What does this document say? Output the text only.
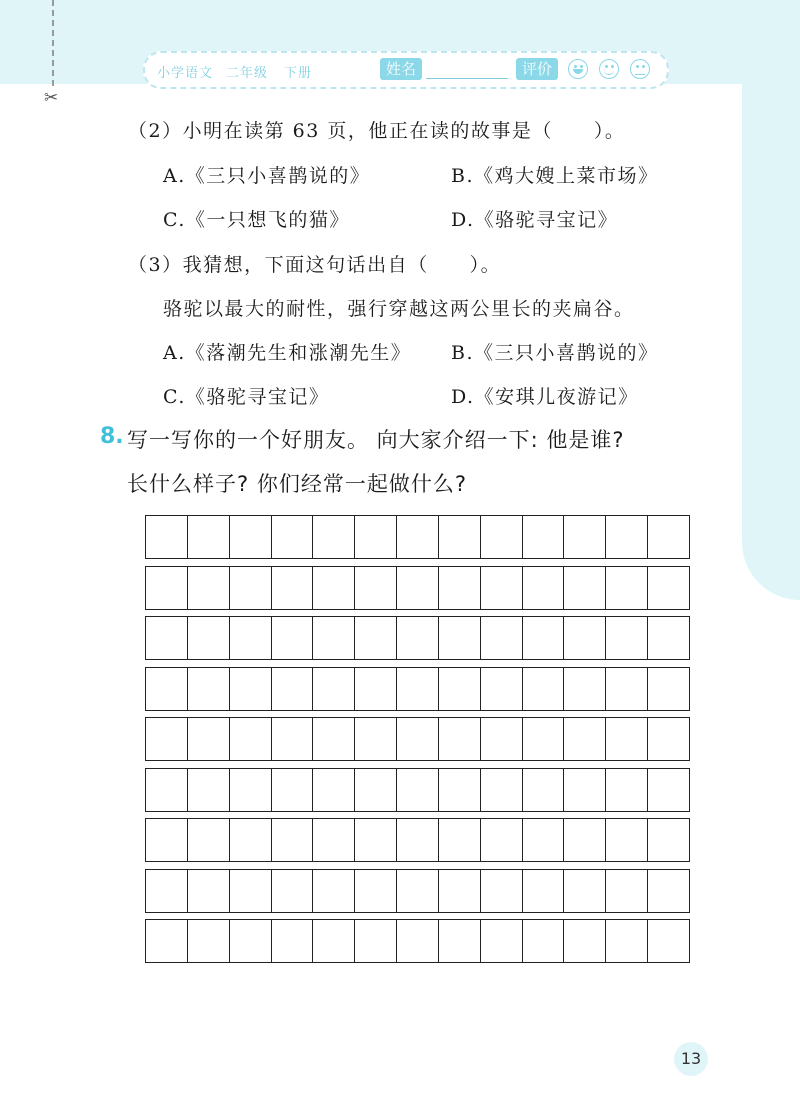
✂
小学语文 二年级 下册	姓名	评价
（2）小明在读第 63 页，他正在读的故事是（　　）。
A.《三只小喜鹊说的》	B.《鸡大嫂上菜市场》
C.《一只想飞的猫》	D.《骆驼寻宝记》
（3）我猜想，下面这句话出自（　　）。
骆驼以最大的耐性，强行穿越这两公里长的夹扁谷。
A.《落潮先生和涨潮先生》 B.《三只小喜鹊说的》
C.《骆驼寻宝记》	D.《安琪儿夜游记》
8. 写一写你的一个好朋友。 向大家介绍一下: 他是谁?
长什么样子? 你们经常一起做什么?
13
